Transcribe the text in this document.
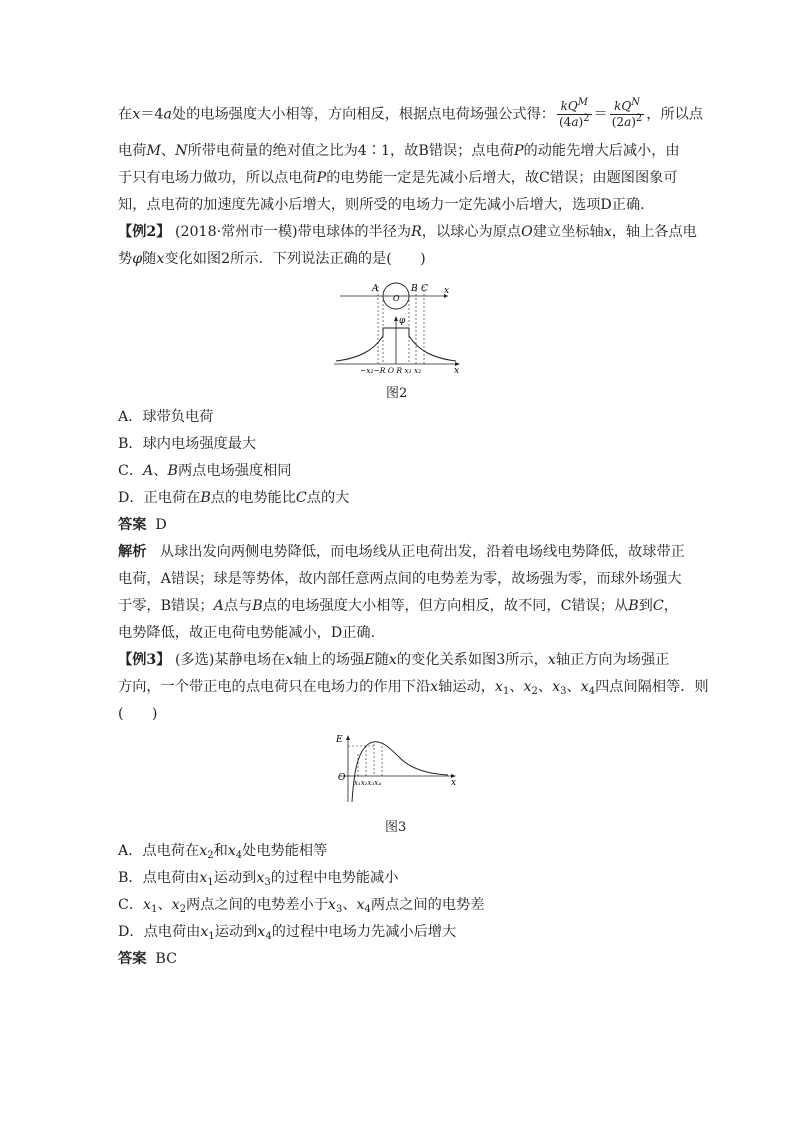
在x＝4a处的电场强度大小相等，方向相反，根据点电荷场强公式得： $\frac{kQ^M}{(4a)^2} = \frac{kQ^N}{(2a)^2}$ ，所以点
电荷M、N所带电荷量的绝对值之比为4∶1，故B错误；点电荷P的动能先增大后减小，由
于只有电场力做功，所以点电荷P的电势能一定是先减小后增大，故C错误；由题图图象可
知，点电荷的加速度先减小后增大，则所受的电场力一定先减小后增大，选项D正确.
【例2】 (2018·常州市一模)带电球体的半径为R，以球心为原点O建立坐标轴x，轴上各点电
势φ随x变化如图2所示．下列说法正确的是(　　)
A
O
B C x
φ
−x₁−R O R x₁ x₂	x
图2
A．球带负电荷
B．球内电场强度最大
C．A、B两点电场强度相同
D．正电荷在B点的电势能比C点的大
答案 D
解析 从球出发向两侧电势降低，而电场线从正电荷出发，沿着电场线电势降低，故球带正
电荷，A错误；球是等势体，故内部任意两点间的电势差为零，故场强为零，而球外场强大
于零，B错误；A点与B点的电场强度大小相等，但方向相反，故不同，C错误；从B到C，
电势降低，故正电荷电势能减小，D正确.
【例3】 (多选)某静电场在x轴上的场强E随x的变化关系如图3所示，x轴正方向为场强正
方向，一个带正电的点电荷只在电场力的作用下沿x轴运动，$x_1$、$x_2$、$x_3$、$x_4$四点间隔相等．则
(　　)
E
O	x
x₁x₂x₃x₄
图3
A．点电荷在$x_2$和$x_4$处电势能相等
B．点电荷由$x_1$运动到$x_3$的过程中电势能减小
C．$x_1$、$x_2$两点之间的电势差小于$x_3$、$x_4$两点之间的电势差
D．点电荷由$x_1$运动到$x_4$的过程中电场力先减小后增大
答案 BC
